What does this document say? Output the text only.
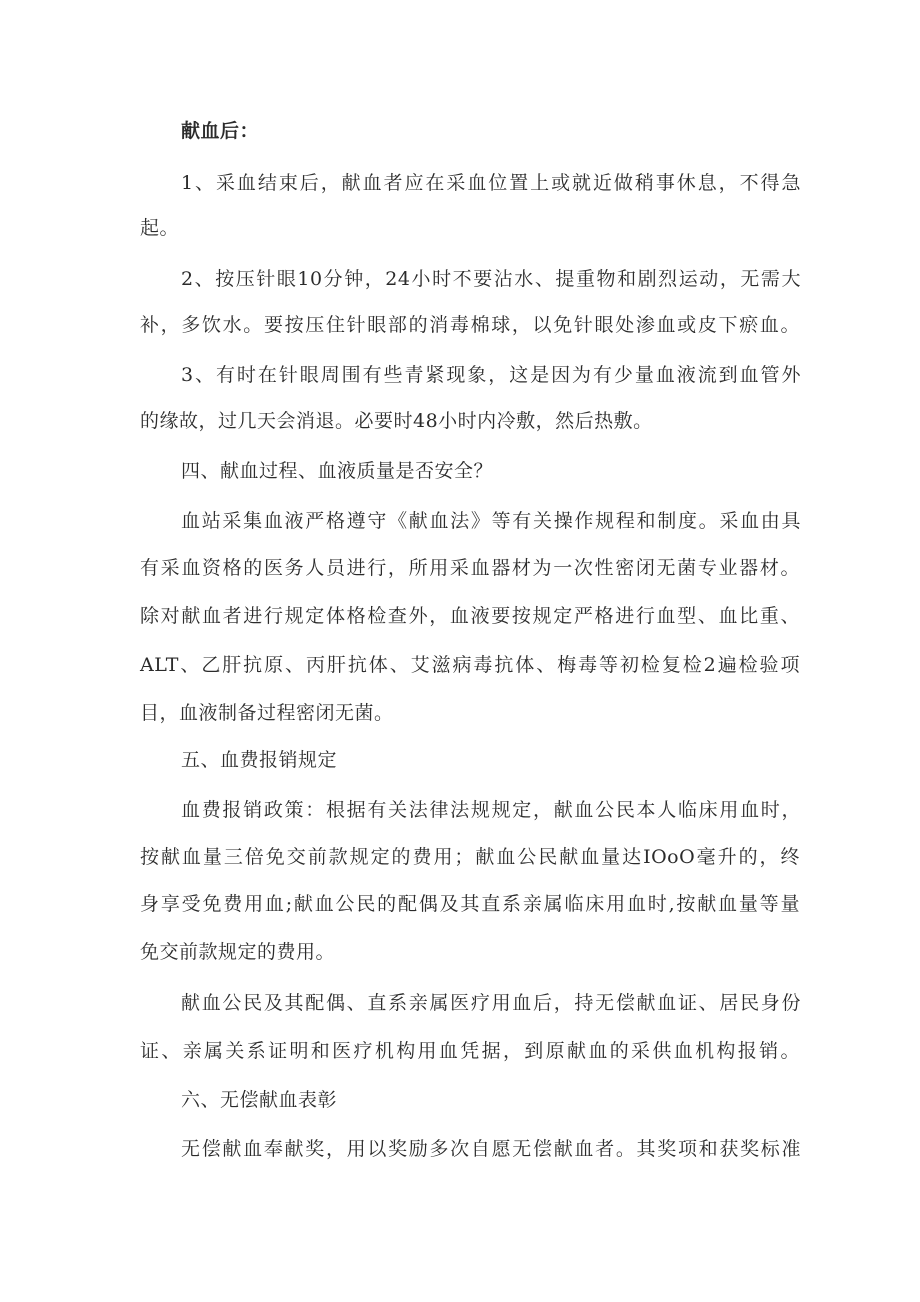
献血后：
1、采血结束后，献血者应在采血位置上或就近做稍事休息，不得急
起。
2、按压针眼10分钟，24小时不要沾水、提重物和剧烈运动，无需大
补，多饮水。要按压住针眼部的消毒棉球，以免针眼处渗血或皮下瘀血。
3、有时在针眼周围有些青紧现象，这是因为有少量血液流到血管外
的缘故，过几天会消退。必要时48小时内冷敷，然后热敷。
四、献血过程、血液质量是否安全？
血站采集血液严格遵守《献血法》等有关操作规程和制度。采血由具
有采血资格的医务人员进行，所用采血器材为一次性密闭无菌专业器材。
除对献血者进行规定体格检查外，血液要按规定严格进行血型、血比重、
ALT、乙肝抗原、丙肝抗体、艾滋病毒抗体、梅毒等初检复检2遍检验项
目，血液制备过程密闭无菌。
五、血费报销规定
血费报销政策：根据有关法律法规规定，献血公民本人临床用血时，
按献血量三倍免交前款规定的费用；献血公民献血量达IOoO毫升的，终
身享受免费用血;献血公民的配偶及其直系亲属临床用血时,按献血量等量
免交前款规定的费用。
献血公民及其配偶、直系亲属医疗用血后，持无偿献血证、居民身份
证、亲属关系证明和医疗机构用血凭据，到原献血的采供血机构报销。
六、无偿献血表彰
无偿献血奉献奖，用以奖励多次自愿无偿献血者。其奖项和获奖标准
